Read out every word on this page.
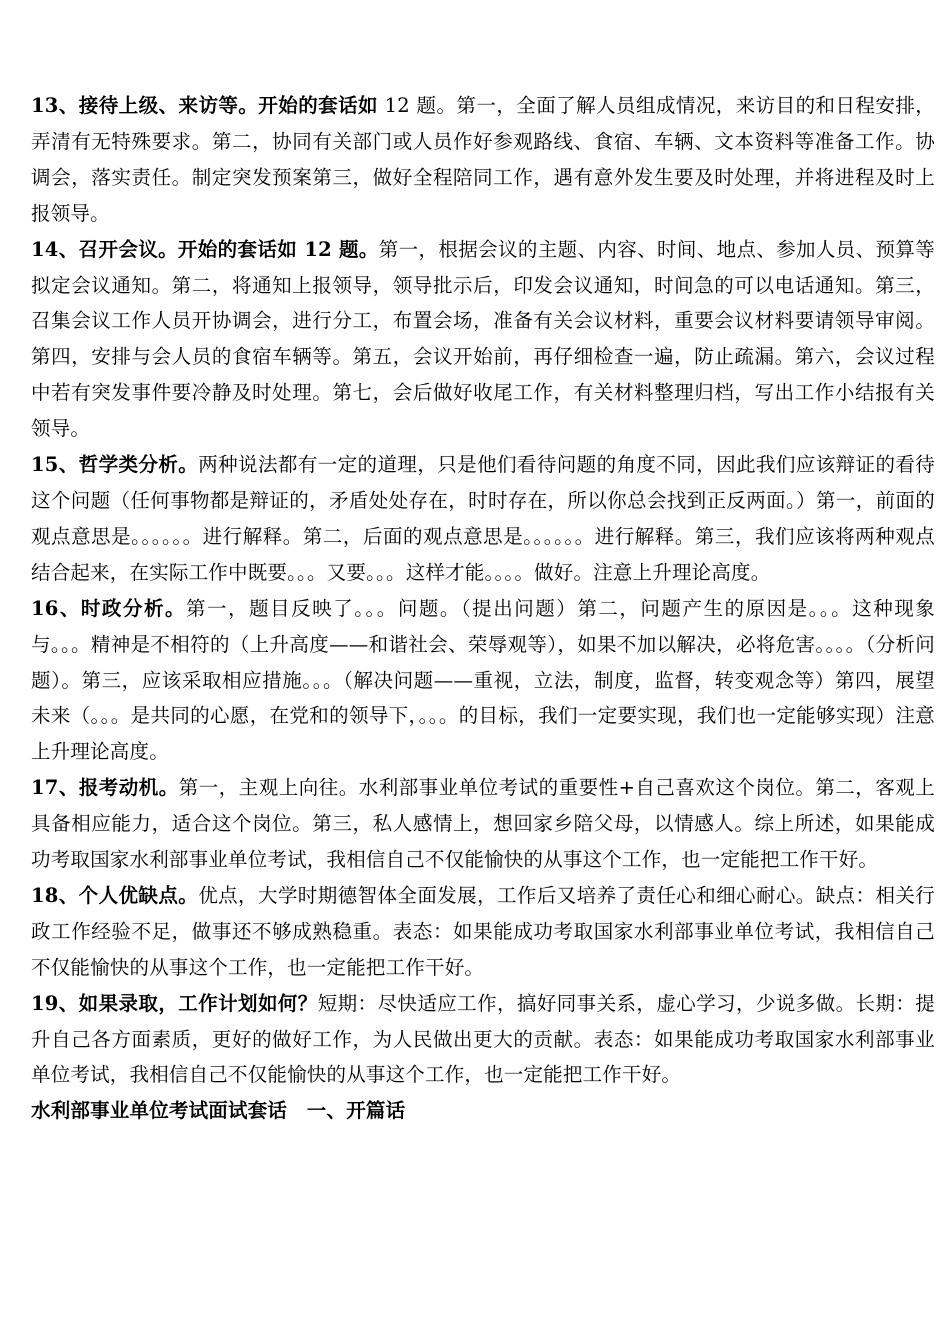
13、接待上级、来访等。开始的套话如 12 题。第一，全面了解人员组成情况，来访目的和日程安排，弄清有无特殊要求。第二，协同有关部门或人员作好参观路线、食宿、车辆、文本资料等准备工作。协调会，落实责任。制定突发预案第三，做好全程陪同工作，遇有意外发生要及时处理，并将进程及时上报领导。

14、召开会议。开始的套话如 12 题。第一，根据会议的主题、内容、时间、地点、参加人员、预算等拟定会议通知。第二，将通知上报领导，领导批示后，印发会议通知，时间急的可以电话通知。第三，召集会议工作人员开协调会，进行分工，布置会场，准备有关会议材料，重要会议材料要请领导审阅。第四，安排与会人员的食宿车辆等。第五，会议开始前，再仔细检查一遍，防止疏漏。第六，会议过程中若有突发事件要冷静及时处理。第七，会后做好收尾工作，有关材料整理归档，写出工作小结报有关领导。

15、哲学类分析。两种说法都有一定的道理，只是他们看待问题的角度不同，因此我们应该辩证的看待这个问题（任何事物都是辩证的，矛盾处处存在，时时存在，所以你总会找到正反两面。）第一，前面的观点意思是。。。。。。进行解释。第二，后面的观点意思是。。。。。。进行解释。第三，我们应该将两种观点结合起来，在实际工作中既要。。。又要。。。这样才能。。。。做好。注意上升理论高度。

16、时政分析。第一，题目反映了。。。问题。（提出问题）第二，问题产生的原因是。。。这种现象与。。。精神是不相符的（上升高度——和谐社会、荣辱观等），如果不加以解决，必将危害。。。。（分析问题）。第三，应该采取相应措施。。。（解决问题——重视，立法，制度，监督，转变观念等）第四，展望未来（。。。是共同的心愿，在党和的领导下，。。。的目标，我们一定要实现，我们也一定能够实现）注意上升理论高度。

17、报考动机。第一，主观上向往。水利部事业单位考试的重要性+自己喜欢这个岗位。第二，客观上具备相应能力，适合这个岗位。第三，私人感情上，想回家乡陪父母，以情感人。综上所述，如果能成功考取国家水利部事业单位考试，我相信自己不仅能愉快的从事这个工作，也一定能把工作干好。

18、个人优缺点。优点，大学时期德智体全面发展，工作后又培养了责任心和细心耐心。缺点：相关行政工作经验不足，做事还不够成熟稳重。表态：如果能成功考取国家水利部事业单位考试，我相信自己不仅能愉快的从事这个工作，也一定能把工作干好。

19、如果录取，工作计划如何？短期：尽快适应工作，搞好同事关系，虚心学习，少说多做。长期：提升自己各方面素质，更好的做好工作，为人民做出更大的贡献。表态：如果能成功考取国家水利部事业单位考试，我相信自己不仅能愉快的从事这个工作，也一定能把工作干好。

水利部事业单位考试面试套话　一、开篇话
